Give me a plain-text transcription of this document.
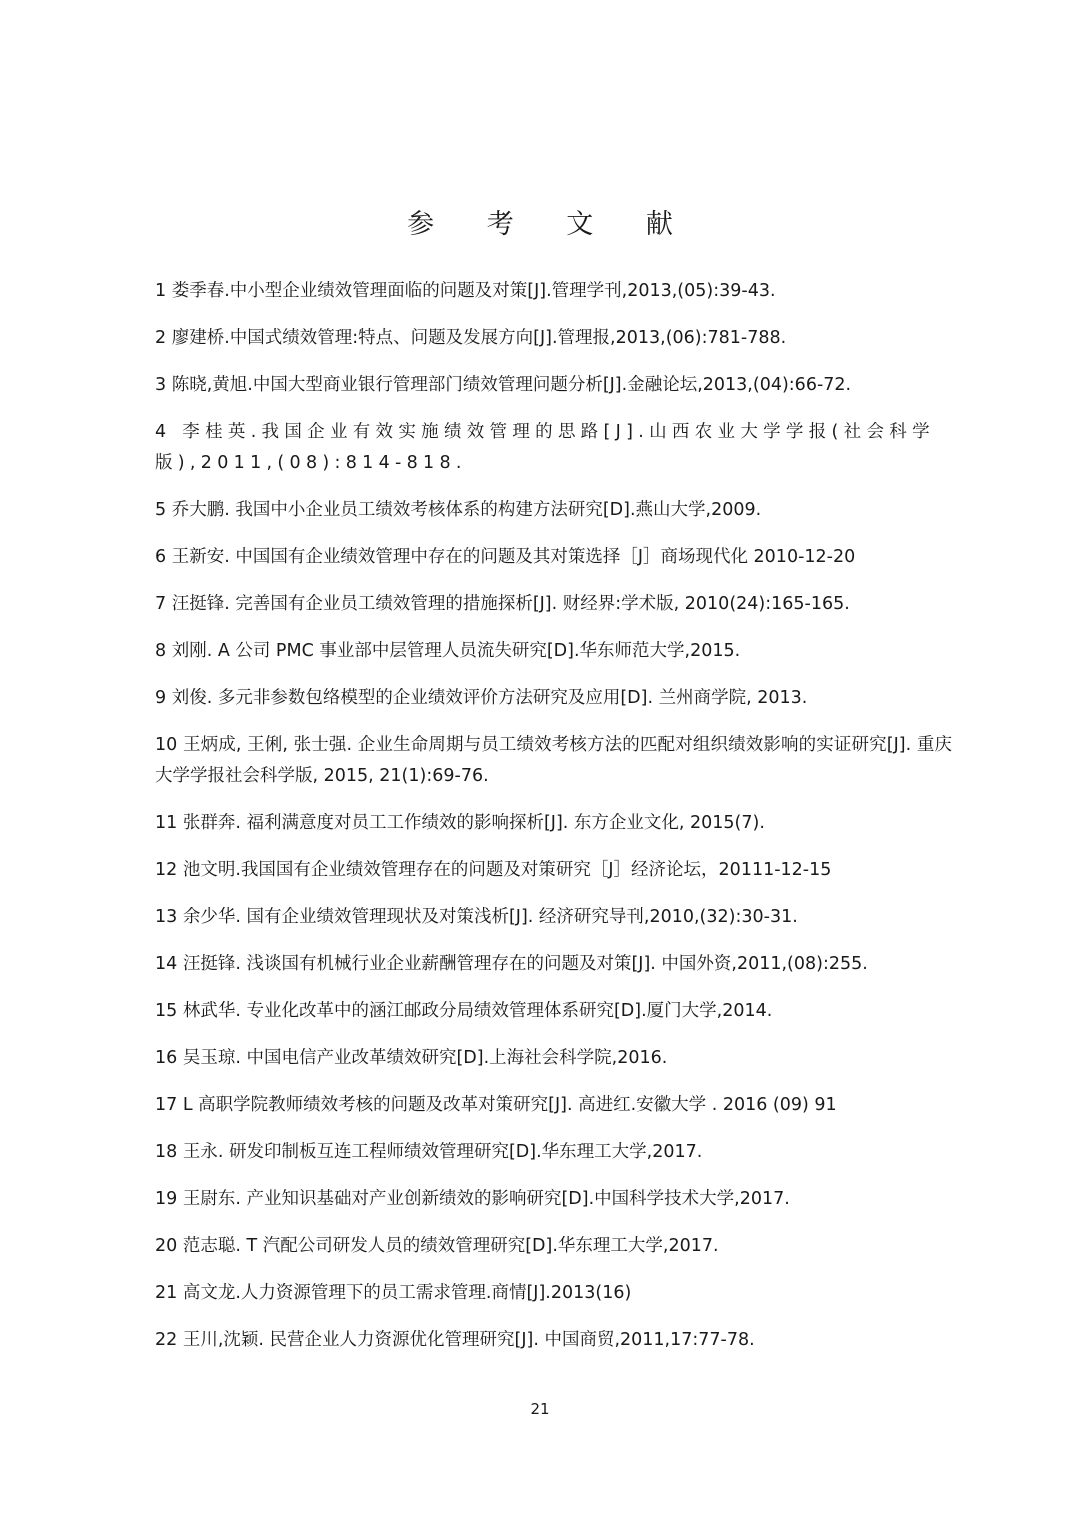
参 考 文 献
1 娄季春.中小型企业绩效管理面临的问题及对策[J].管理学刊,2013,(05):39-43.
2 廖建桥.中国式绩效管理:特点、问题及发展方向[J].管理报,2013,(06):781-788.
3 陈晓,黄旭.中国大型商业银行管理部门绩效管理问题分析[J].金融论坛,2013,(04):66-72.
4 李桂英.我国企业有效实施绩效管理的思路[J].山西农业大学学报(社会科学版),2011,(08):814-818.
5 乔大鹏. 我国中小企业员工绩效考核体系的构建方法研究[D].燕山大学,2009.
6 王新安. 中国国有企业绩效管理中存在的问题及其对策选择［J］商场现代化 2010-12-20
7 汪挺锋. 完善国有企业员工绩效管理的措施探析[J]. 财经界:学术版, 2010(24):165-165.
8 刘刚. A 公司 PMC 事业部中层管理人员流失研究[D].华东师范大学,2015.
9 刘俊. 多元非参数包络模型的企业绩效评价方法研究及应用[D]. 兰州商学院, 2013.
10 王炳成, 王俐, 张士强. 企业生命周期与员工绩效考核方法的匹配对组织绩效影响的实证研究[J]. 重庆大学学报社会科学版, 2015, 21(1):69-76.
11 张群奔. 福利满意度对员工工作绩效的影响探析[J]. 东方企业文化, 2015(7).
12 池文明.我国国有企业绩效管理存在的问题及对策研究［J］经济论坛，20111-12-15
13 余少华. 国有企业绩效管理现状及对策浅析[J]. 经济研究导刊,2010,(32):30-31.
14 汪挺锋. 浅谈国有机械行业企业薪酬管理存在的问题及对策[J]. 中国外资,2011,(08):255.
15 林武华. 专业化改革中的涵江邮政分局绩效管理体系研究[D].厦门大学,2014.
16 吴玉琼. 中国电信产业改革绩效研究[D].上海社会科学院,2016.
17 L 高职学院教师绩效考核的问题及改革对策研究[J]. 高进红.安徽大学 . 2016 (09) 91
18 王永. 研发印制板互连工程师绩效管理研究[D].华东理工大学,2017.
19 王尉东. 产业知识基础对产业创新绩效的影响研究[D].中国科学技术大学,2017.
20 范志聪. T 汽配公司研发人员的绩效管理研究[D].华东理工大学,2017.
21 高文龙.人力资源管理下的员工需求管理.商情[J].2013(16)
22 王川,沈颖. 民营企业人力资源优化管理研究[J]. 中国商贸,2011,17:77-78.
21
